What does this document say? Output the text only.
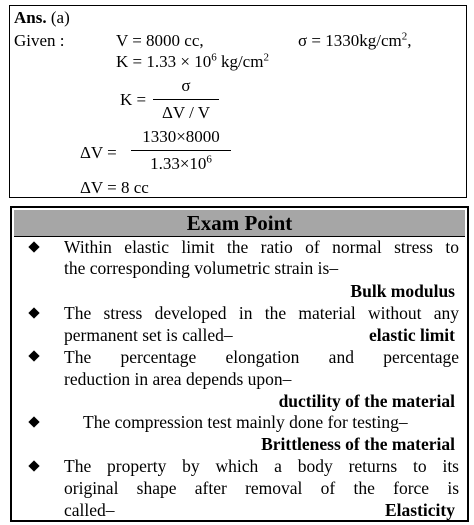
Ans. (a)
Given :	V = 8000 cc,	$\sigma = 1330kg/cm^2$,
$K = 1.33 \times 10^6$ $kg/cm^2$
K =
σ
ΔV / V
ΔV =
1330×8000
$1.33\times 10^6$
ΔV = 8 cc
Exam Point
Within elastic limit the ratio of normal stress to
the corresponding volumetric strain is–
Bulk modulus
The stress developed in the material without any
permanent set is called–	elastic limit
The percentage elongation and percentage
reduction in area depends upon–
ductility of the material
The compression test mainly done for testing–
Brittleness of the material
The property by which a body returns to its
original shape after removal of the force is
called–	Elasticity
